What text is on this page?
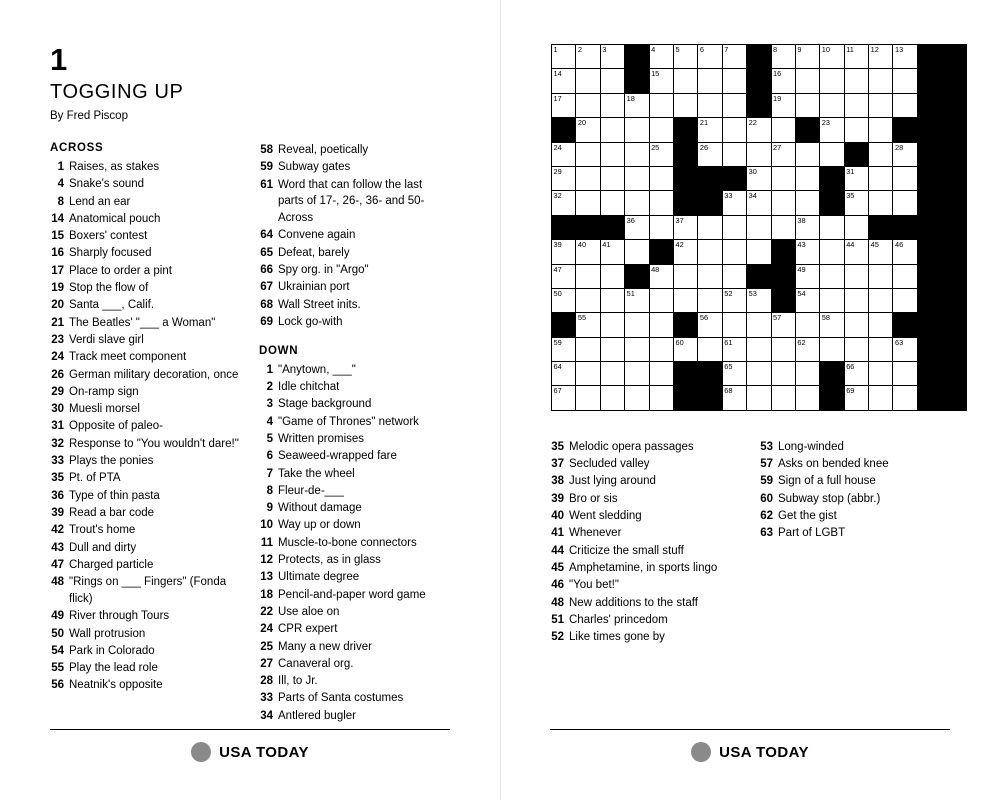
1
TOGGING UP
By Fred Piscop
ACROSS
1 Raises, as stakes
4 Snake's sound
8 Lend an ear
14 Anatomical pouch
15 Boxers' contest
16 Sharply focused
17 Place to order a pint
19 Stop the flow of
20 Santa ___, Calif.
21 The Beatles' "___ a Woman"
23 Verdi slave girl
24 Track meet component
26 German military decoration, once
29 On-ramp sign
30 Muesli morsel
31 Opposite of paleo-
32 Response to "You wouldn't dare!"
33 Plays the ponies
35 Pt. of PTA
36 Type of thin pasta
39 Read a bar code
42 Trout's home
43 Dull and dirty
47 Charged particle
48 "Rings on ___ Fingers" (Fonda flick)
49 River through Tours
50 Wall protrusion
54 Park in Colorado
55 Play the lead role
56 Neatnik's opposite
58 Reveal, poetically
59 Subway gates
61 Word that can follow the last parts of 17-, 26-, 36- and 50-Across
64 Convene again
65 Defeat, barely
66 Spy org. in "Argo"
67 Ukrainian port
68 Wall Street inits.
69 Lock go-with
DOWN
1 "Anytown, ___"
2 Idle chitchat
3 Stage background
4 "Game of Thrones" network
5 Written promises
6 Seaweed-wrapped fare
7 Take the wheel
8 Fleur-de-___
9 Without damage
10 Way up or down
11 Muscle-to-bone connectors
12 Protects, as in glass
13 Ultimate degree
18 Pencil-and-paper word game
22 Use aloe on
24 CPR expert
25 Many a new driver
27 Canaveral org.
28 Ill, to Jr.
33 Parts of Santa costumes
34 Antlered bugler
USA TODAY
1	2	3		4	5	6	7		8	9	10	11	12	13		

14				15					16							

17			18						19							

	20					21		22			23					

24				25		26			27					28		

29								30				31				

32							33	34				35				

			36		37					38						

39	40	41			42					43		44	45	46		

47				48						49						

50			51				52	53		54						

	55					56			57		58					

59					60		61			62				63		

64							65					66				

67							68					69				

35 Melodic opera passages
37 Secluded valley
38 Just lying around
39 Bro or sis
40 Went sledding
41 Whenever
44 Criticize the small stuff
45 Amphetamine, in sports lingo
46 "You bet!"
48 New additions to the staff
51 Charles' princedom
52 Like times gone by
53 Long-winded
57 Asks on bended knee
59 Sign of a full house
60 Subway stop (abbr.)
62 Get the gist
63 Part of LGBT
USA TODAY
